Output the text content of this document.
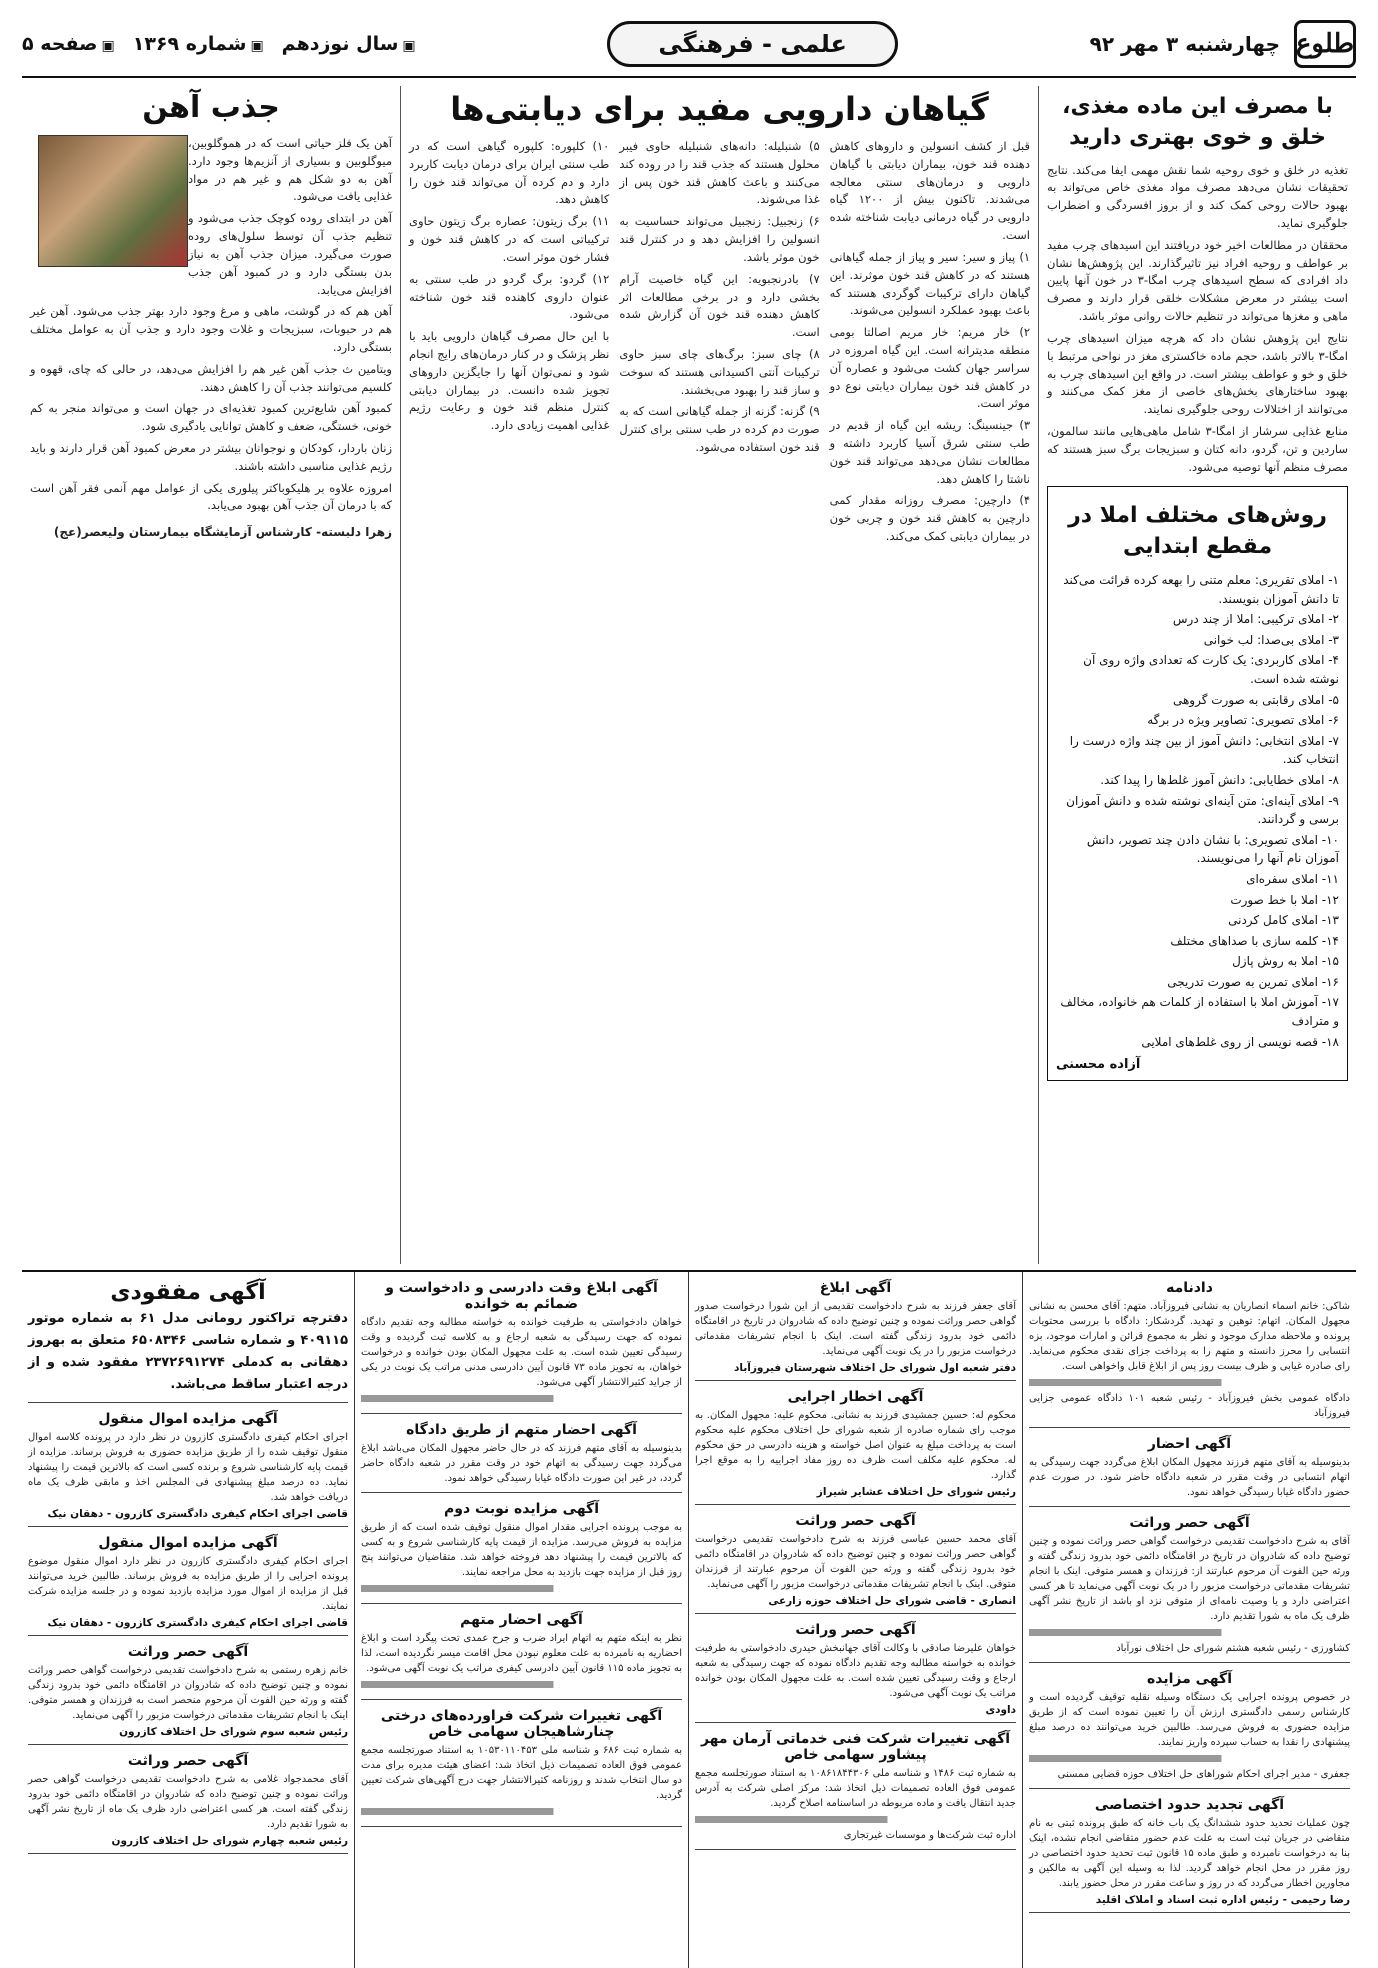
طلوع
چهارشنبه ۳ مهر ۹۲
علمی - فرهنگی
▣ سال نوزدهم
▣ شماره ۱۳۶۹
▣ صفحه ۵
با مصرف این ماده مغذی، خلق و خوی بهتری دارید

تغذیه در خلق و خوی روحیه شما نقش مهمی ایفا می‌کند. نتایج تحقیقات نشان می‌دهد مصرف مواد مغذی خاص می‌تواند به بهبود حالات روحی کمک کند و از بروز افسردگی و اضطراب جلوگیری نماید.

محققان در مطالعات اخیر خود دریافتند این اسیدهای چرب مفید بر عواطف و روحیه افراد نیز تاثیرگذارند. این پژوهش‌ها نشان داد افرادی که سطح اسیدهای چرب امگا-۳ در خون آنها پایین است بیشتر در معرض مشکلات خلقی قرار دارند و مصرف ماهی و مغزها می‌تواند در تنظیم حالات روانی موثر باشد.

نتایج این پژوهش نشان داد که هرچه میزان اسیدهای چرب امگا-۳ بالاتر باشد، حجم ماده خاکستری مغز در نواحی مرتبط با خلق و خو و عواطف بیشتر است. در واقع این اسیدهای چرب به بهبود ساختارهای بخش‌های خاصی از مغز کمک می‌کنند و می‌توانند از اختلالات روحی جلوگیری نمایند.

منابع غذایی سرشار از امگا-۳ شامل ماهی‌هایی مانند سالمون، ساردین و تن، گردو، دانه کتان و سبزیجات برگ سبز هستند که مصرف منظم آنها توصیه می‌شود.

روش‌های مختلف املا در مقطع ابتدایی
۱- املای تقریری: معلم متنی را بهعه کرده قرائت می‌کند تا دانش آموزان بنویسند.
۲- املای ترکیبی: املا از چند درس
۳- املای بی‌صدا: لب خوانی
۴- املای کاربردی: یک کارت که تعدادی واژه روی آن نوشته شده است.
۵- املای رقابتی به صورت گروهی
۶- املای تصویری: تصاویر ویژه در برگه
۷- املای انتخابی: دانش آموز از بین چند واژه درست را انتخاب کند.
۸- املای خطایابی: دانش آموز غلط‌ها را پیدا کند.
۹- املای آینه‌ای: متن آینه‌ای نوشته شده و دانش آموزان برسی و گردانند.
۱۰- املای تصویری: با نشان دادن چند تصویر، دانش آموزان نام آنها را می‌نویسند.
۱۱- املای سفره‌ای
۱۲- املا با خط صورت
۱۳- املای کامل کردنی
۱۴- کلمه سازی با صداهای مختلف
۱۵- املا به روش پازل
۱۶- املای تمرین به صورت تدریجی
۱۷- آموزش املا با استفاده از کلمات هم خانواده، مخالف و مترادف
۱۸- قصه نویسی از روی غلط‌های املایی
آزاده محسنی
گیاهان دارویی مفید برای دیابتی‌ها

قبل از کشف انسولین و داروهای کاهش دهنده قند خون، بیماران دیابتی با گیاهان دارویی و درمان‌های سنتی معالجه می‌شدند. تاکنون بیش از ۱۲۰۰ گیاه دارویی در گیاه درمانی دیابت شناخته شده است.

۱) پیاز و سیر: سیر و پیاز از جمله گیاهانی هستند که در کاهش قند خون موثرند. این گیاهان دارای ترکیبات گوگردی هستند که باعث بهبود عملکرد انسولین می‌شوند.

۲) خار مریم: خار مریم اصالتا بومی منطقه مدیترانه است. این گیاه امروزه در سراسر جهان کشت می‌شود و عصاره آن در کاهش قند خون بیماران دیابتی نوع دو موثر است.

۳) جینسینگ: ریشه این گیاه از قدیم در طب سنتی شرق آسیا کاربرد داشته و مطالعات نشان می‌دهد می‌تواند قند خون ناشتا را کاهش دهد.

۴) دارچین: مصرف روزانه مقدار کمی دارچین به کاهش قند خون و چربی خون در بیماران دیابتی کمک می‌کند.

۵) شنبلیله: دانه‌های شنبلیله حاوی فیبر محلول هستند که جذب قند را در روده کند می‌کنند و باعث کاهش قند خون پس از غذا می‌شوند.

۶) زنجبیل: زنجبیل می‌تواند حساسیت به انسولین را افزایش دهد و در کنترل قند خون موثر باشد.

۷) بادرنجبویه: این گیاه خاصیت آرام بخشی دارد و در برخی مطالعات اثر کاهش دهنده قند خون آن گزارش شده است.

۸) چای سبز: برگ‌های چای سبز حاوی ترکیبات آنتی اکسیدانی هستند که سوخت و ساز قند را بهبود می‌بخشند.

۹) گزنه: گزنه از جمله گیاهانی است که به صورت دم کرده در طب سنتی برای کنترل قند خون استفاده می‌شود.

۱۰) کلپوره: کلپوره گیاهی است که در طب سنتی ایران برای درمان دیابت کاربرد دارد و دم کرده آن می‌تواند قند خون را کاهش دهد.

۱۱) برگ زیتون: عصاره برگ زیتون حاوی ترکیباتی است که در کاهش قند خون و فشار خون موثر است.

۱۲) گردو: برگ گردو در طب سنتی به عنوان داروی کاهنده قند خون شناخته می‌شود.

با این حال مصرف گیاهان دارویی باید با نظر پزشک و در کنار درمان‌های رایج انجام شود و نمی‌توان آنها را جایگزین داروهای تجویز شده دانست. در بیماران دیابتی کنترل منظم قند خون و رعایت رژیم غذایی اهمیت زیادی دارد.

جذب آهن

آهن یک فلز حیاتی است که در هموگلوبین، میوگلوبین و بسیاری از آنزیم‌ها وجود دارد. آهن به دو شکل هم و غیر هم در مواد غذایی یافت می‌شود.

آهن در ابتدای روده کوچک جذب می‌شود و تنظیم جذب آن توسط سلول‌های روده صورت می‌گیرد. میزان جذب آهن به نیاز بدن بستگی دارد و در کمبود آهن جذب افزایش می‌یابد.

آهن هم که در گوشت، ماهی و مرغ وجود دارد بهتر جذب می‌شود. آهن غیر هم در حبوبات، سبزیجات و غلات وجود دارد و جذب آن به عوامل مختلف بستگی دارد.

ویتامین ث جذب آهن غیر هم را افزایش می‌دهد، در حالی که چای، قهوه و کلسیم می‌توانند جذب آن را کاهش دهند.

کمبود آهن شایع‌ترین کمبود تغذیه‌ای در جهان است و می‌تواند منجر به کم خونی، خستگی، ضعف و کاهش توانایی یادگیری شود.

زنان باردار، کودکان و نوجوانان بیشتر در معرض کمبود آهن قرار دارند و باید رژیم غذایی مناسبی داشته باشند.

امروزه علاوه بر هلیکوباکتر پیلوری یکی از عوامل مهم آنمی فقر آهن است که با درمان آن جذب آهن بهبود می‌یابد.

زهرا دلبسته- کارشناس آزمایشگاه بیمارستان ولیعصر(عج)
دادنامه
شاکی: خانم اسماء انصاریان به نشانی فیروزآباد. متهم: آقای محسن به نشانی مجهول المکان. اتهام: توهین و تهدید. گردشکار: دادگاه با بررسی محتویات پرونده و ملاحظه مدارک موجود و نظر به مجموع قرائن و امارات موجود، بزه انتسابی را محرز دانسته و متهم را به پرداخت جزای نقدی محکوم می‌نماید. رای صادره غیابی و ظرف بیست روز پس از ابلاغ قابل واخواهی است.
دادگاه عمومی بخش فیروزآباد - رئیس شعبه ۱۰۱ دادگاه عمومی جزایی فیروزآباد
آگهی احضار
بدینوسیله به آقای متهم فرزند مجهول المکان ابلاغ می‌گردد جهت رسیدگی به اتهام انتسابی در وقت مقرر در شعبه دادگاه حاضر شود. در صورت عدم حضور دادگاه غیابا رسیدگی خواهد نمود.
آگهی حصر وراثت
آقای به شرح دادخواست تقدیمی درخواست گواهی حصر وراثت نموده و چنین توضیح داده که شادروان در تاریخ در اقامتگاه دائمی خود بدرود زندگی گفته و ورثه حین الفوت آن مرحوم عبارتند از: فرزندان و همسر متوفی. اینک با انجام تشریفات مقدماتی درخواست مزبور را در یک نوبت آگهی می‌نماید تا هر کسی اعتراضی دارد و یا وصیت نامه‌ای از متوفی نزد او باشد از تاریخ نشر آگهی ظرف یک ماه به شورا تقدیم دارد.
کشاورزی - رئیس شعبه هشتم شورای حل اختلاف نورآباد
آگهی مزایده
در خصوص پرونده اجرایی یک دستگاه وسیله نقلیه توقیف گردیده است و کارشناس رسمی دادگستری ارزش آن را تعیین نموده است که از طریق مزایده حضوری به فروش می‌رسد. طالبین خرید می‌توانند ده درصد مبلغ پیشنهادی را نقدا به حساب سپرده واریز نمایند.
جعفری - مدیر اجرای احکام شوراهای حل اختلاف حوزه قضایی ممسنی
آگهی تجدید حدود اختصاصی
چون عملیات تحدید حدود ششدانگ یک باب خانه که طبق پرونده ثبتی به نام متقاضی در جریان ثبت است به علت عدم حضور متقاضی انجام نشده، اینک بنا به درخواست نامبرده و طبق ماده ۱۵ قانون ثبت تحدید حدود اختصاصی در روز مقرر در محل انجام خواهد گردید. لذا به وسیله این آگهی به مالکین و مجاورین اخطار می‌گردد که در روز و ساعت مقرر در محل حضور یابند.
رضا رحیمی - رئیس اداره ثبت اسناد و املاک اقلید
آگهی ابلاغ
آقای جعفر فرزند به شرح دادخواست تقدیمی از این شورا درخواست صدور گواهی حصر وراثت نموده و چنین توضیح داده که شادروان در تاریخ در اقامتگاه دائمی خود بدرود زندگی گفته است. اینک با انجام تشریفات مقدماتی درخواست مزبور را در یک نوبت آگهی می‌نماید.
دفتر شعبه اول شورای حل اختلاف شهرستان فیروزآباد
آگهی اخطار اجرایی
محکوم له: حسین جمشیدی فرزند به نشانی. محکوم علیه: مجهول المکان. به موجب رای شماره صادره از شعبه شورای حل اختلاف محکوم علیه محکوم است به پرداخت مبلغ به عنوان اصل خواسته و هزینه دادرسی در حق محکوم له. محکوم علیه مکلف است ظرف ده روز مفاد اجراییه را به موقع اجرا گذارد.
رئیس شورای حل اختلاف عشایر شیراز
آگهی حصر وراثت
آقای محمد حسین عباسی فرزند به شرح دادخواست تقدیمی درخواست گواهی حصر وراثت نموده و چنین توضیح داده که شادروان در اقامتگاه دائمی خود بدرود زندگی گفته و ورثه حین الفوت آن مرحوم عبارتند از فرزندان متوفی. اینک با انجام تشریفات مقدماتی درخواست مزبور را آگهی می‌نماید.
انصاری - قاضی شورای حل اختلاف حوزه زارعی
آگهی حصر وراثت
خواهان علیرضا صادقی با وکالت آقای جهانبخش حیدری دادخواستی به طرفیت خوانده به خواسته مطالبه وجه تقدیم دادگاه نموده که جهت رسیدگی به شعبه ارجاع و وقت رسیدگی تعیین شده است. به علت مجهول المکان بودن خوانده مراتب یک نوبت آگهی می‌شود.
داودی
آگهی تغییرات شرکت فنی خدماتی آرمان مهر پیشاور سهامی خاص
به شماره ثبت ۱۴۸۶ و شناسه ملی ۱۰۸۶۱۸۴۴۳۰۶ به استناد صورتجلسه مجمع عمومی فوق العاده تصمیمات ذیل اتخاذ شد: مرکز اصلی شرکت به آدرس جدید انتقال یافت و ماده مربوطه در اساسنامه اصلاح گردید.
اداره ثبت شرکت‌ها و موسسات غیرتجاری
آگهی ابلاغ وقت دادرسی و دادخواست و ضمائم به خوانده
خواهان دادخواستی به طرفیت خوانده به خواسته مطالبه وجه تقدیم دادگاه نموده که جهت رسیدگی به شعبه ارجاع و به کلاسه ثبت گردیده و وقت رسیدگی تعیین شده است. به علت مجهول المکان بودن خوانده و درخواست خواهان، به تجویز ماده ۷۳ قانون آیین دادرسی مدنی مراتب یک نوبت در یکی از جراید کثیرالانتشار آگهی می‌شود.
آگهی احضار متهم از طریق دادگاه
بدینوسیله به آقای متهم فرزند که در حال حاضر مجهول المکان می‌باشد ابلاغ می‌گردد جهت رسیدگی به اتهام خود در وقت مقرر در شعبه دادگاه حاضر گردد، در غیر این صورت دادگاه غیابا رسیدگی خواهد نمود.
آگهی مزایده نوبت دوم
به موجب پرونده اجرایی مقدار اموال منقول توقیف شده است که از طریق مزایده به فروش می‌رسد. مزایده از قیمت پایه کارشناسی شروع و به کسی که بالاترین قیمت را پیشنهاد دهد فروخته خواهد شد. متقاضیان می‌توانند پنج روز قبل از مزایده جهت بازدید به محل مراجعه نمایند.
آگهی احضار متهم
نظر به اینکه متهم به اتهام ایراد ضرب و جرح عمدی تحت پیگرد است و ابلاغ احضاریه به نامبرده به علت معلوم نبودن محل اقامت میسر نگردیده است، لذا به تجویز ماده ۱۱۵ قانون آیین دادرسی کیفری مراتب یک نوبت آگهی می‌شود.
آگهی تغییرات شرکت فراورده‌های درختی چنارشاهیجان سهامی خاص
به شماره ثبت ۶۸۶ و شناسه ملی ۱۰۵۳۰۱۱۰۴۵۳ به استناد صورتجلسه مجمع عمومی فوق العاده تصمیمات ذیل اتخاذ شد: اعضای هیئت مدیره برای مدت دو سال انتخاب شدند و روزنامه کثیرالانتشار جهت درج آگهی‌های شرکت تعیین گردید.
آگهی مفقودی
دفترچه تراکتور رومانی مدل ۶۱ به شماره موتور ۴۰۹۱۱۵ و شماره شاسی ۶۵۰۸۳۴۶ متعلق به بهروز دهقانی به کدملی ۲۳۷۲۶۹۱۲۷۴ مفقود شده و از درجه اعتبار ساقط می‌باشد.
آگهی مزایده اموال منقول
اجرای احکام کیفری دادگستری کازرون در نظر دارد در پرونده کلاسه اموال منقول توقیف شده را از طریق مزایده حضوری به فروش برساند. مزایده از قیمت پایه کارشناسی شروع و برنده کسی است که بالاترین قیمت را پیشنهاد نماید. ده درصد مبلغ پیشنهادی فی المجلس اخذ و مابقی ظرف یک ماه دریافت خواهد شد.
قاضی اجرای احکام کیفری دادگستری کازرون - دهقان نیک
آگهی مزایده اموال منقول
اجرای احکام کیفری دادگستری کازرون در نظر دارد اموال منقول موضوع پرونده اجرایی را از طریق مزایده به فروش برساند. طالبین خرید می‌توانند قبل از مزایده از اموال مورد مزایده بازدید نموده و در جلسه مزایده شرکت نمایند.
قاضی اجرای احکام کیفری دادگستری کازرون - دهقان نیک
آگهی حصر وراثت
خانم زهره رستمی به شرح دادخواست تقدیمی درخواست گواهی حصر وراثت نموده و چنین توضیح داده که شادروان در اقامتگاه دائمی خود بدرود زندگی گفته و ورثه حین الفوت آن مرحوم منحصر است به فرزندان و همسر متوفی. اینک با انجام تشریفات مقدماتی درخواست مزبور را آگهی می‌نماید.
رئیس شعبه سوم شورای حل اختلاف کازرون
آگهی حصر وراثت
آقای محمدجواد غلامی به شرح دادخواست تقدیمی درخواست گواهی حصر وراثت نموده و چنین توضیح داده که شادروان در اقامتگاه دائمی خود بدرود زندگی گفته است. هر کسی اعتراضی دارد ظرف یک ماه از تاریخ نشر آگهی به شورا تقدیم دارد.
رئیس شعبه چهارم شورای حل اختلاف کازرون
